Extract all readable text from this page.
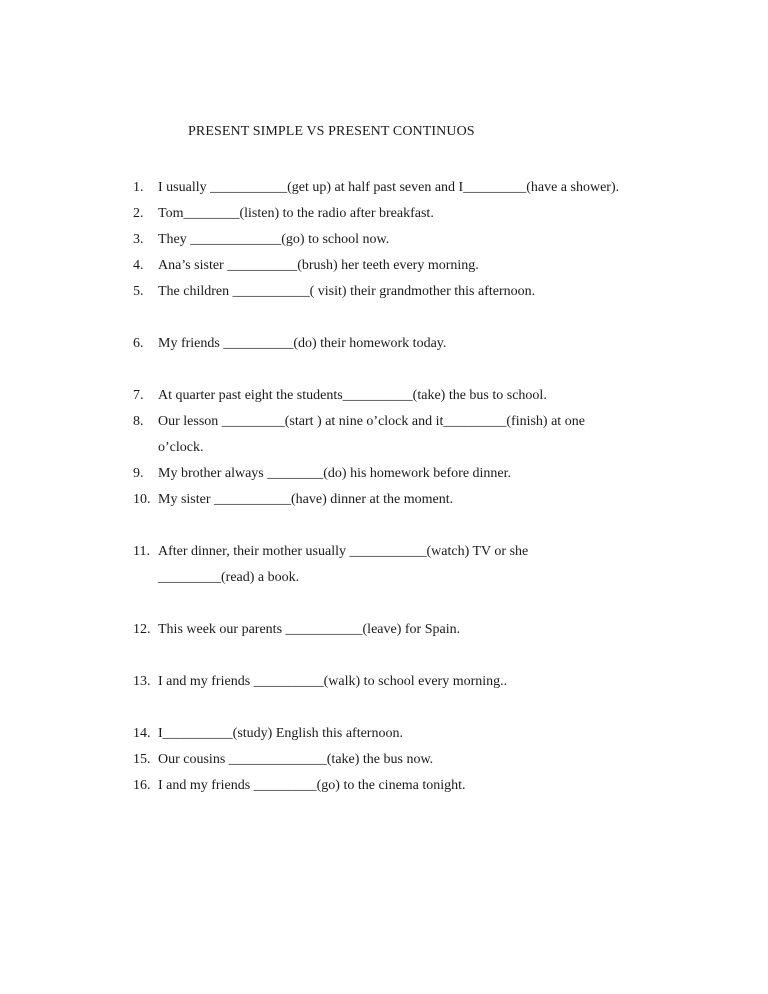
PRESENT SIMPLE VS PRESENT CONTINUOS
1.	I usually ___________(get up) at half past seven and I_________(have a shower).
2.	Tom________(listen) to the radio after breakfast.
3.	They _____________(go) to school now.
4.	Ana’s sister __________(brush) her teeth every morning.
5.	The children ___________( visit) their grandmother this afternoon.
6.	My friends __________(do) their homework today.
7.	At quarter past eight the students__________(take) the bus to school.
8.	Our lesson _________(start ) at nine o’clock and it_________(finish) at one
o’clock.
9.	My brother always ________(do) his homework before dinner.
10. My sister ___________(have) dinner at the moment.
11. After dinner, their mother usually ___________(watch) TV or she
_________(read) a book.
12. This week our parents ___________(leave) for Spain.
13. I and my friends __________(walk) to school every morning..
14. I__________(study) English this afternoon.
15. Our cousins ______________(take) the bus now.
16. I and my friends _________(go) to the cinema tonight.
